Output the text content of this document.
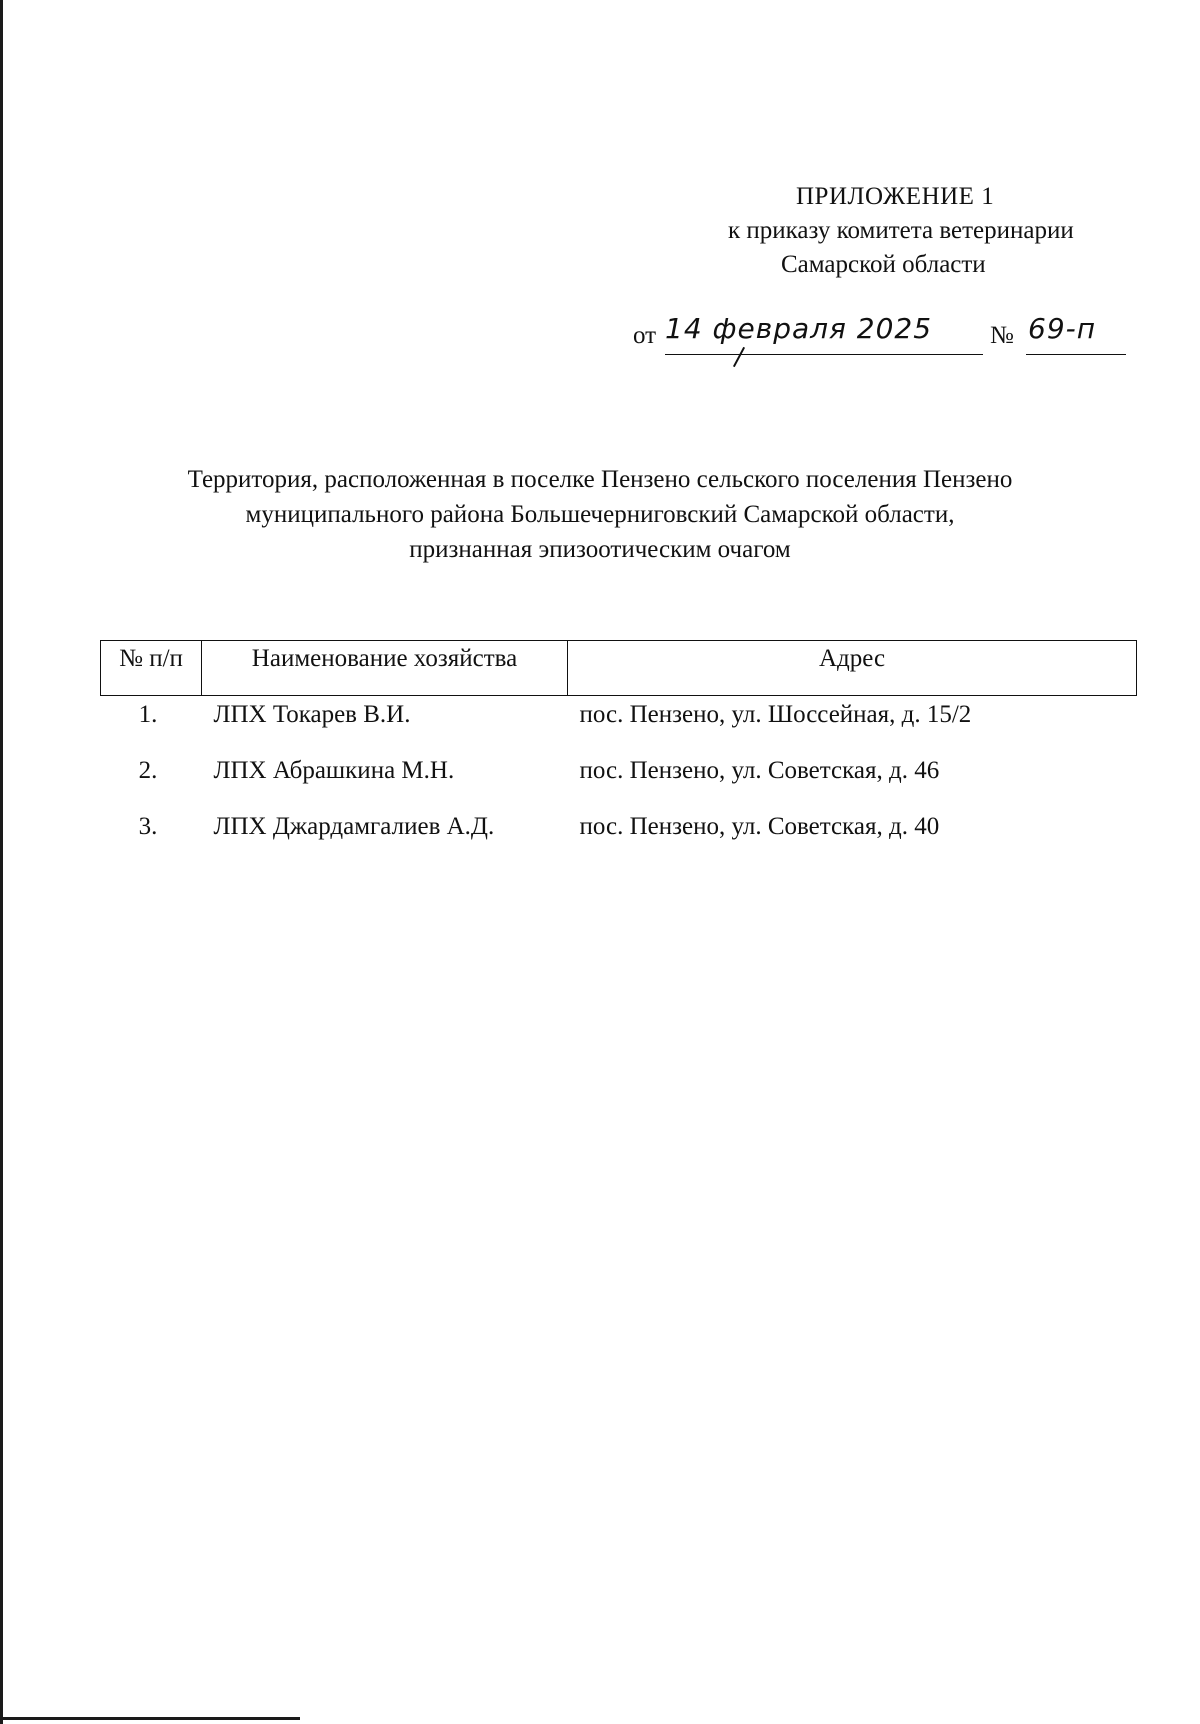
ПРИЛОЖЕНИЕ 1
к приказу комитета ветеринарии
Самарской области
от 14 февраля 2025	№ 69-п
Территория, расположенная в поселке Пензено сельского поселения Пензено
муниципального района Большечерниговский Самарской области,
признанная эпизоотическим очагом
№ п/п	Наименование хозяйства	Адрес
1.	ЛПХ Токарев В.И.	пос. Пензено, ул. Шоссейная, д. 15/2
2.	ЛПХ Абрашкина М.Н.	пос. Пензено, ул. Советская, д. 46
3.	ЛПХ Джардамгалиев А.Д.	пос. Пензено, ул. Советская, д. 40
